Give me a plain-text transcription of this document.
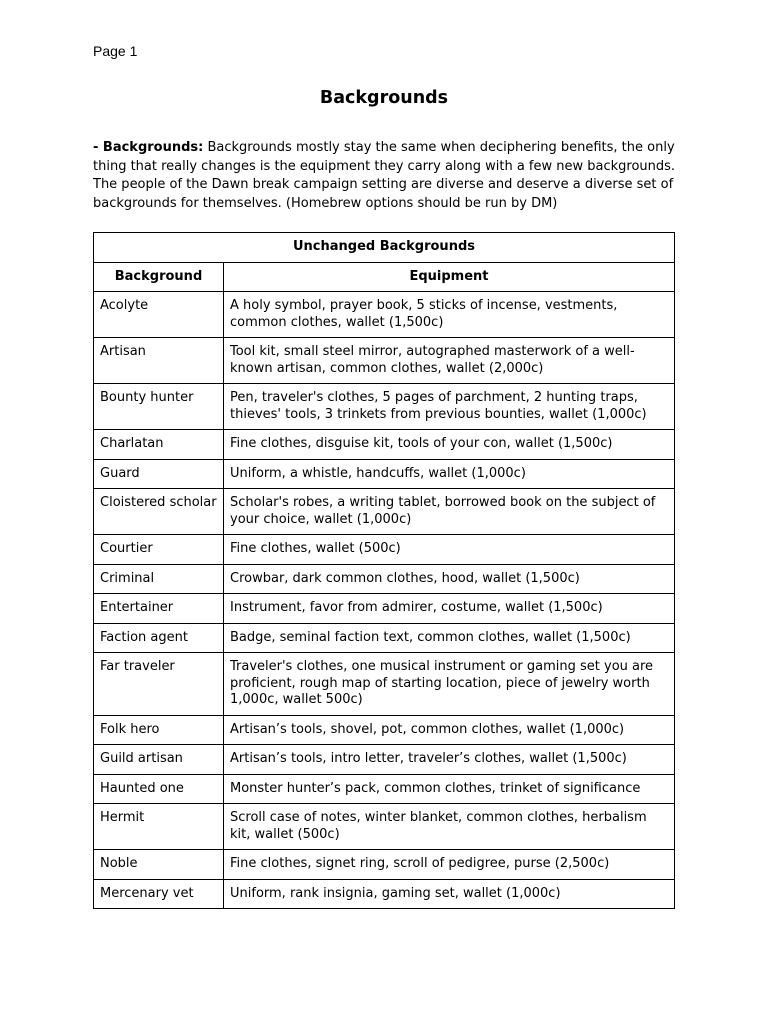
Page 1
Backgrounds
- Backgrounds: Backgrounds mostly stay the same when deciphering benefits, the only thing that really changes is the equipment they carry along with a few new backgrounds. The people of the Dawn break campaign setting are diverse and deserve a diverse set of backgrounds for themselves. (Homebrew options should be run by DM)
Unchanged Backgrounds	
Background	Equipment
Acolyte	A holy symbol, prayer book, 5 sticks of incense, vestments, common clothes, wallet (1,500c)
Artisan	Tool kit, small steel mirror, autographed masterwork of a well-known artisan, common clothes, wallet (2,000c)
Bounty hunter	Pen, traveler's clothes, 5 pages of parchment, 2 hunting traps, thieves' tools, 3 trinkets from previous bounties, wallet (1,000c)
Charlatan	Fine clothes, disguise kit, tools of your con, wallet (1,500c)
Guard	Uniform, a whistle, handcuffs, wallet (1,000c)
Cloistered scholar	Scholar's robes, a writing tablet, borrowed book on the subject of your choice, wallet (1,000c)
Courtier	Fine clothes, wallet (500c)
Criminal	Crowbar, dark common clothes, hood, wallet (1,500c)
Entertainer	Instrument, favor from admirer, costume, wallet (1,500c)
Faction agent	Badge, seminal faction text, common clothes, wallet (1,500c)
Far traveler	Traveler's clothes, one musical instrument or gaming set you are proficient, rough map of starting location, piece of jewelry worth 1,000c, wallet 500c)
Folk hero	Artisan’s tools, shovel, pot, common clothes, wallet (1,000c)
Guild artisan	Artisan’s tools, intro letter, traveler’s clothes, wallet (1,500c)
Haunted one	Monster hunter’s pack, common clothes, trinket of significance
Hermit	Scroll case of notes, winter blanket, common clothes, herbalism kit, wallet (500c)
Noble	Fine clothes, signet ring, scroll of pedigree, purse (2,500c)
Mercenary vet	Uniform, rank insignia, gaming set, wallet (1,000c)
